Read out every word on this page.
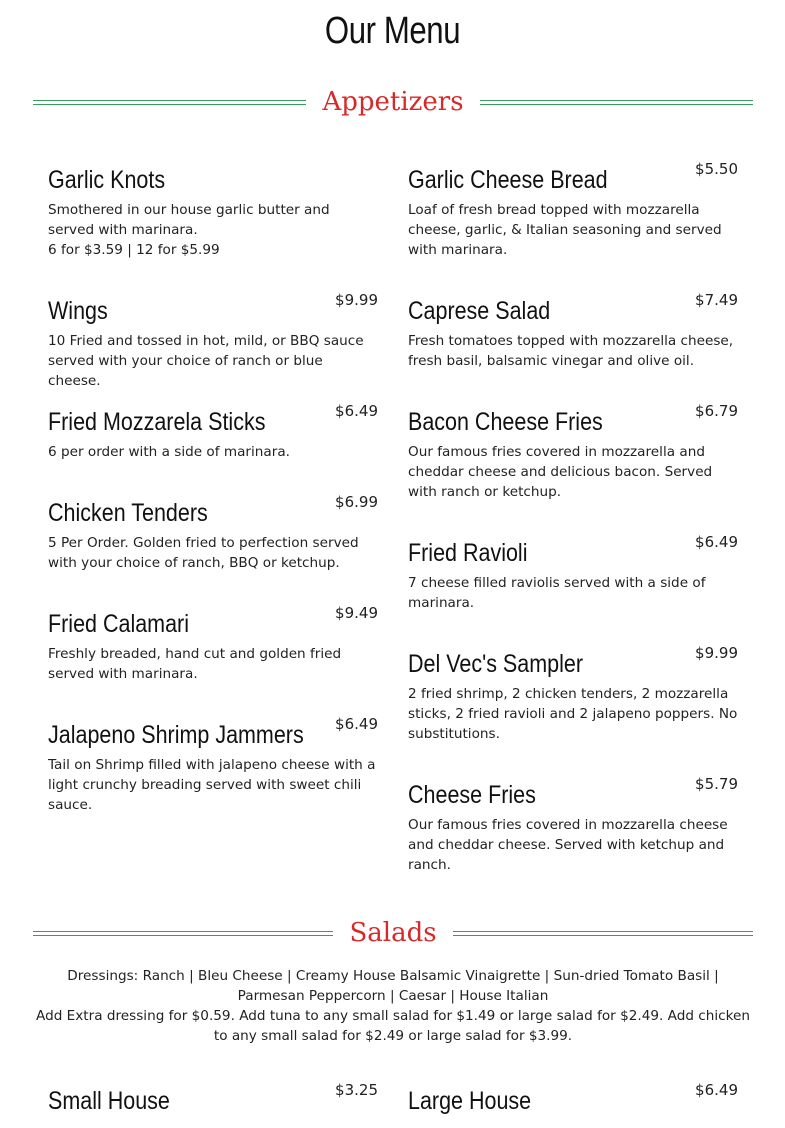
Our Menu
Appetizers
Garlic Knots
Smothered in our house garlic butter and served with marinara.
6 for $3.59 | 12 for $5.99
Wings	$9.99
10 Fried and tossed in hot, mild, or BBQ sauce served with your choice of ranch or blue cheese.
Fried Mozzarela Sticks	$6.49
6 per order with a side of marinara.
Chicken Tenders	$6.99
5 Per Order. Golden fried to perfection served with your choice of ranch, BBQ or ketchup.
Fried Calamari	$9.49
Freshly breaded, hand cut and golden fried served with marinara.
Jalapeno Shrimp Jammers $6.49
Tail on Shrimp filled with jalapeno cheese with a light crunchy breading served with sweet chili sauce.
Garlic Cheese Bread	$5.50
Loaf of fresh bread topped with mozzarella cheese, garlic, & Italian seasoning and served with marinara.
Caprese Salad	$7.49
Fresh tomatoes topped with mozzarella cheese, fresh basil, balsamic vinegar and olive oil.
Bacon Cheese Fries	$6.79
Our famous fries covered in mozzarella and cheddar cheese and delicious bacon. Served with ranch or ketchup.
Fried Ravioli	$6.49
7 cheese filled raviolis served with a side of marinara.
Del Vec's Sampler	$9.99
2 fried shrimp, 2 chicken tenders, 2 mozzarella sticks, 2 fried ravioli and 2 jalapeno poppers. No substitutions.
Cheese Fries	$5.79
Our famous fries covered in mozzarella cheese and cheddar cheese. Served with ketchup and ranch.
Salads
Dressings: Ranch | Bleu Cheese | Creamy House Balsamic Vinaigrette | Sun-dried Tomato Basil | Parmesan Peppercorn | Caesar | House Italian
Add Extra dressing for $0.59. Add tuna to any small salad for $1.49 or large salad for $2.49. Add chicken to any small salad for $2.49 or large salad for $3.99.
Small House	$3.25 Large House	$6.49
